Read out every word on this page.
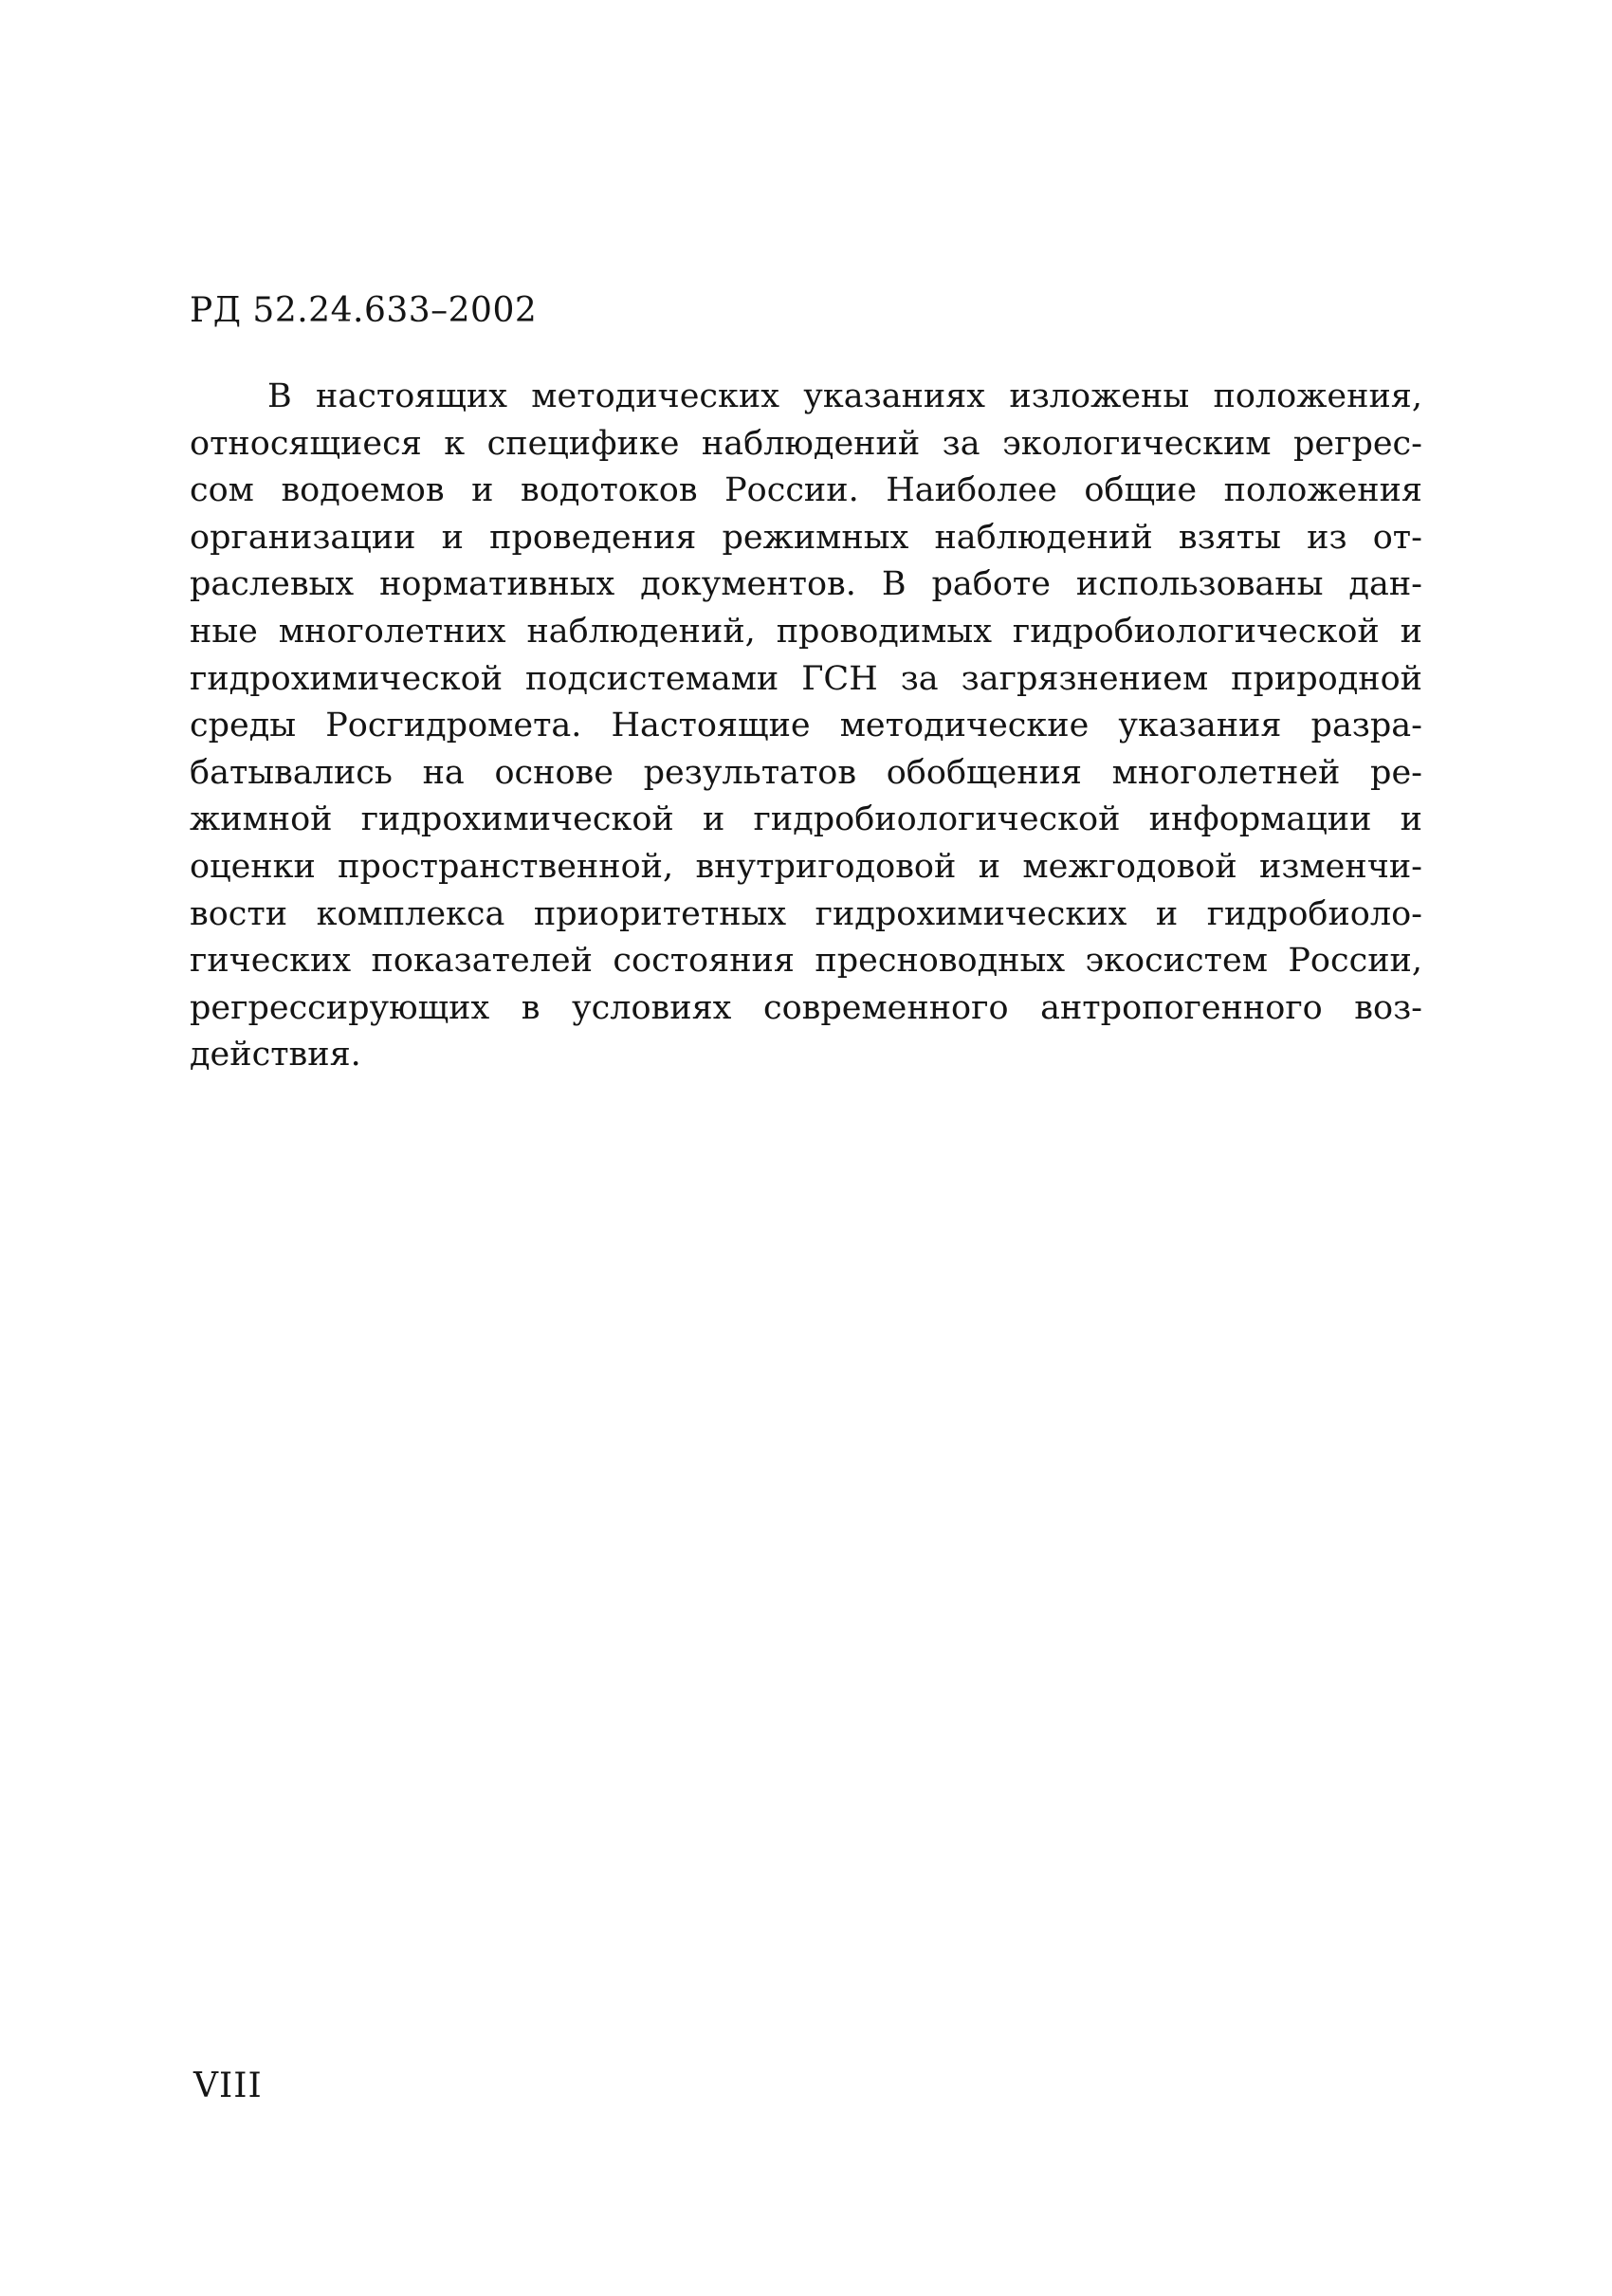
РД 52.24.633–2002
В настоящих методических указаниях изложены положения,
относящиеся к специфике наблюдений за экологическим регрес-
сом водоемов и водотоков России. Наиболее общие положения
организации и проведения режимных наблюдений взяты из от-
раслевых нормативных документов. В работе использованы дан-
ные многолетних наблюдений, проводимых гидробиологической и
гидрохимической подсистемами ГСН за загрязнением природной
среды Росгидромета. Настоящие методические указания разра-
батывались на основе результатов обобщения многолетней ре-
жимной гидрохимической и гидробиологической информации и
оценки пространственной, внутригодовой и межгодовой изменчи-
вости комплекса приоритетных гидрохимических и гидробиоло-
гических показателей состояния пресноводных экосистем России,
регрессирующих в условиях современного антропогенного воз-
действия.
VIII
